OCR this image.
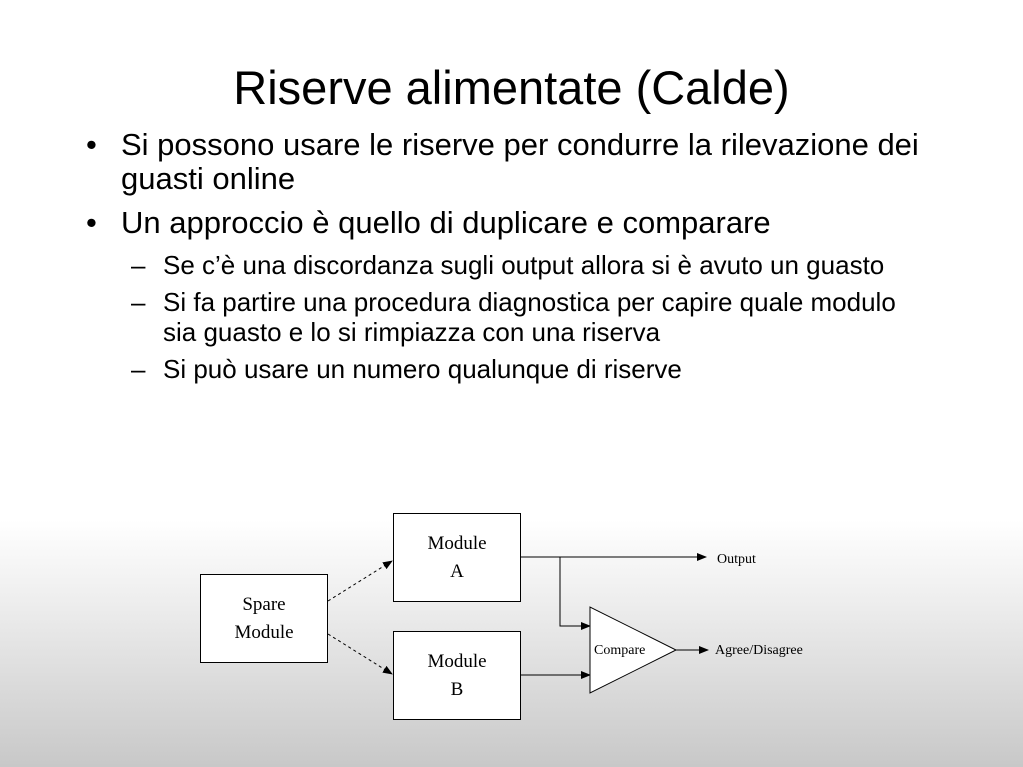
Riserve alimentate (Calde)
• Si possono usare le riserve per condurre la rilevazione dei guasti online
• Un approccio è quello di duplicare e comparare
– Se c’è una discordanza sugli output allora si è avuto un guasto
– Si fa partire una procedura diagnostica per capire quale modulo sia guasto e lo si rimpiazza con una riserva
– Si può usare un numero qualunque di riserve
Spare
Module
Module
A
Module
B
Compare
Output
Agree/Disagree
